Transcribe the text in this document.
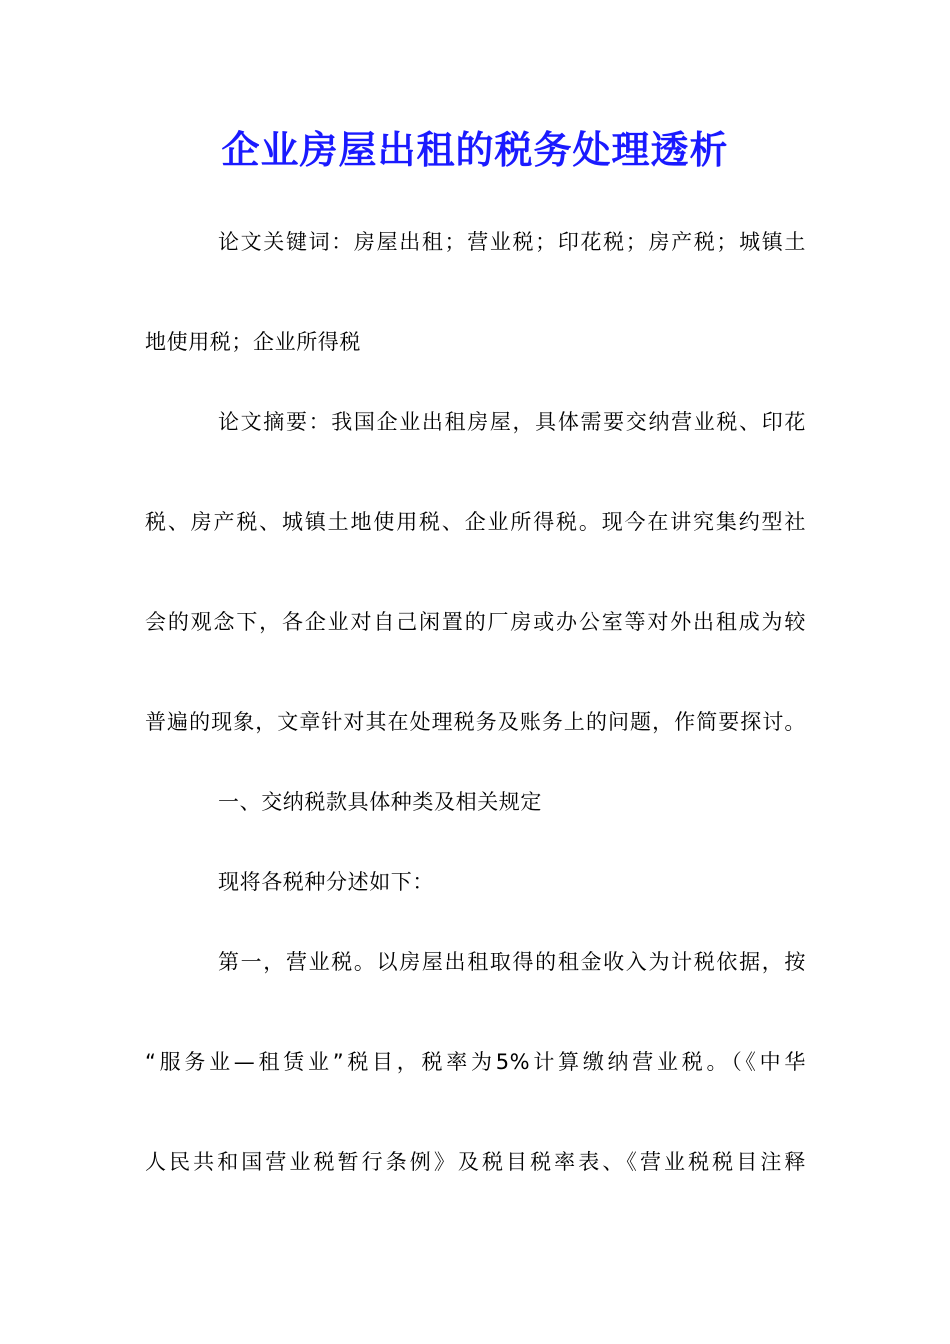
企业房屋出租的税务处理透析
论文关键词：房屋出租；营业税；印花税；房产税；城镇土
地使用税；企业所得税
论文摘要：我国企业出租房屋，具体需要交纳营业税、印花
税、房产税、城镇土地使用税、企业所得税。现今在讲究集约型社
会的观念下，各企业对自己闲置的厂房或办公室等对外出租成为较
普遍的现象，文章针对其在处理税务及账务上的问题，作简要探讨。
一、交纳税款具体种类及相关规定
现将各税种分述如下：
第一，营业税。以房屋出租取得的租金收入为计税依据，按
“服务业—租赁业”税目，税率为5%计算缴纳营业税。（《中华
人民共和国营业税暂行条例》及税目税率表、《营业税税目注释
